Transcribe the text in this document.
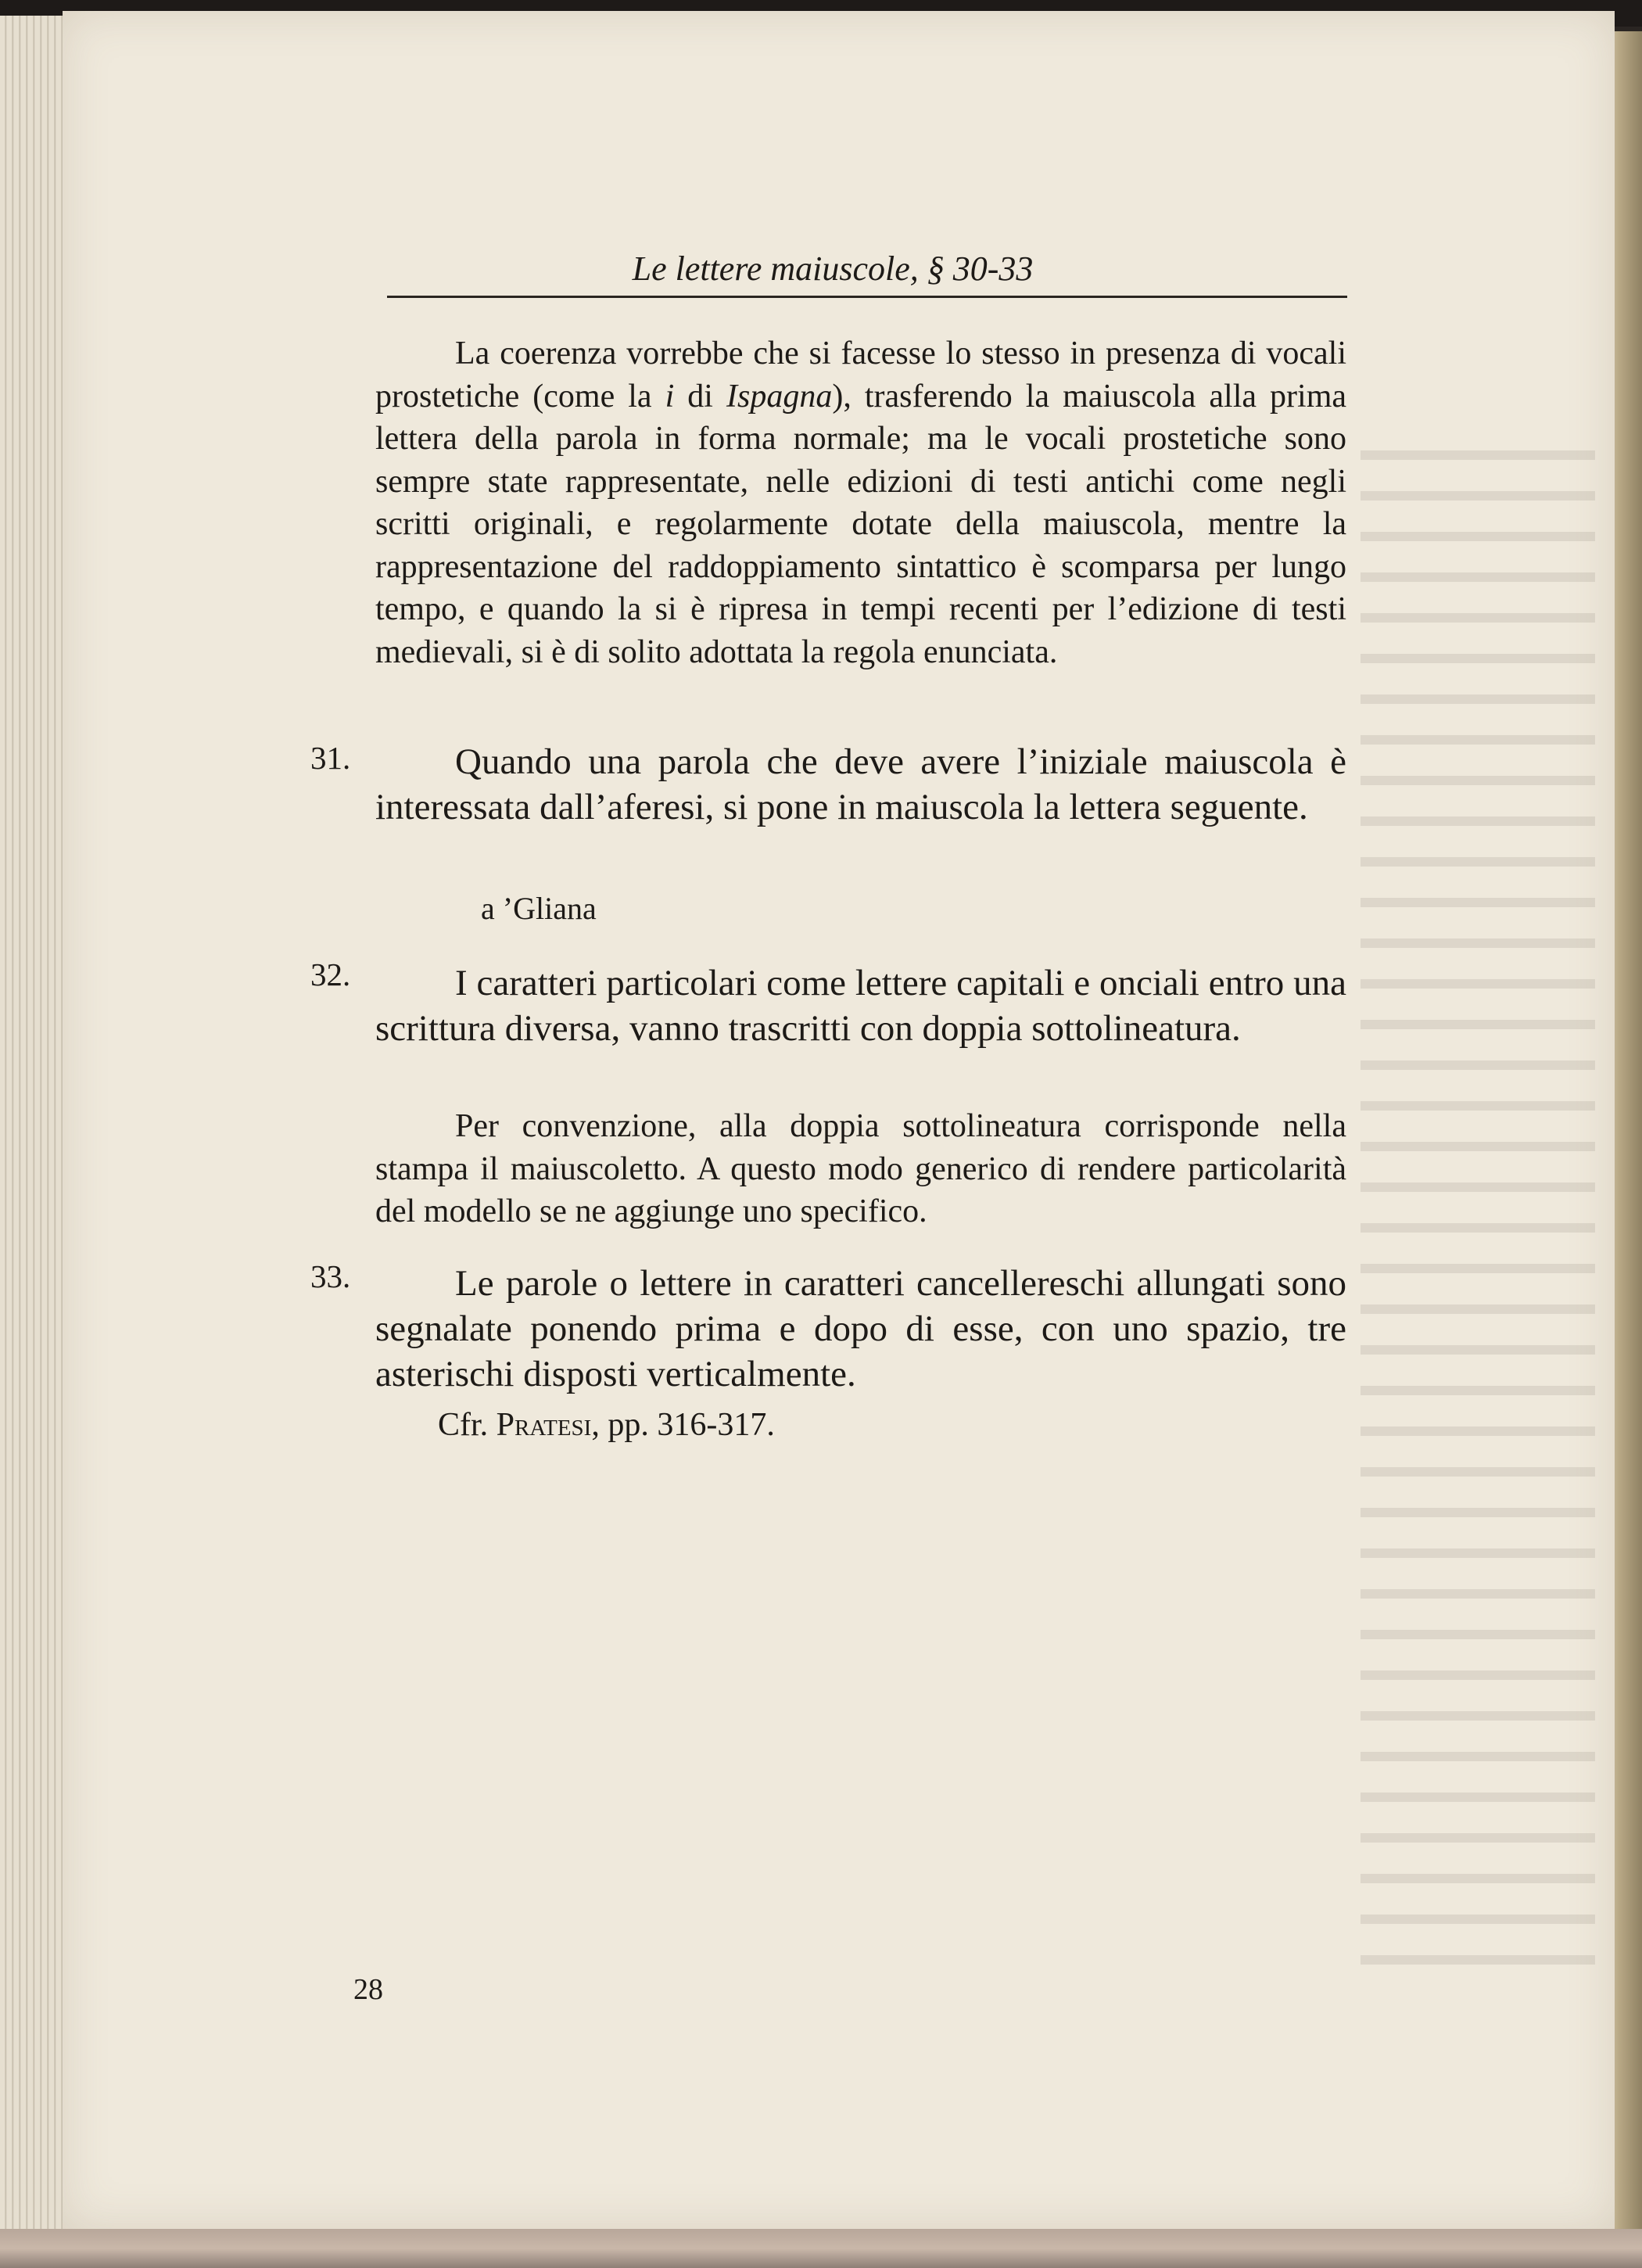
Le lettere maiuscole, § 30-33
La coerenza vorrebbe che si facesse lo stesso in presenza di vocali prostetiche (come la i di Ispagna), trasferendo la maiuscola alla prima lettera della parola in forma normale; ma le vocali prostetiche sono sempre state rappresentate, nelle edizioni di testi antichi come negli scritti originali, e regolarmente dotate della maiuscola, mentre la rappresentazione del raddoppiamento sintattico è scomparsa per lungo tempo, e quando la si è ripresa in tempi recenti per l’edizione di testi medievali, si è di solito adottata la regola enunciata.
31.	Quando una parola che deve avere l’iniziale maiuscola è interessata dall’aferesi, si pone in maiuscola la lettera seguente.
a ’Gliana
32.	I caratteri particolari come lettere capitali e onciali entro una scrittura diversa, vanno trascritti con doppia sottolineatura.
Per convenzione, alla doppia sottolineatura corrisponde nella stampa il maiuscoletto. A questo modo generico di rendere particolarità del modello se ne aggiunge uno specifico.
33.	Le parole o lettere in caratteri cancellereschi allungati sono segnalate ponendo prima e dopo di esse, con uno spazio, tre asterischi disposti verticalmente.
Cfr. Pratesi, pp. 316-317.
28
